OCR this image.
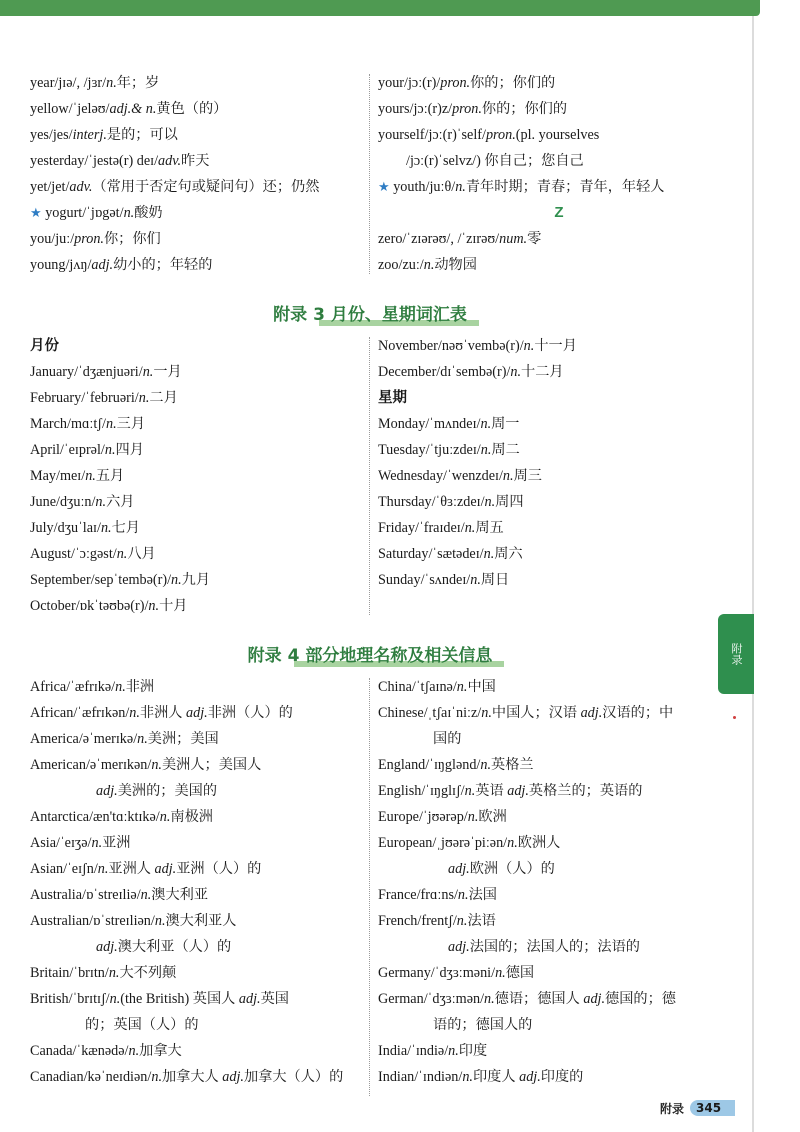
year/jɪə/, /jɜr/n.年；岁
yellow/ˈjeləʊ/adj.& n.黄色（的）
yes/jes/interj.是的；可以
yesterday/ˈjestə(r) deɪ/adv.昨天
yet/jet/adv.（常用于否定句或疑问句）还；仍然
★ yogurt/ˈjɒgət/n.酸奶
you/juː/pron.你；你们
young/jʌŋ/adj.幼小的；年轻的
your/jɔː(r)/pron.你的；你们的
yours/jɔː(r)z/pron.你的；你们的
yourself/jɔː(r)ˈself/pron.(pl. yourselves
/jɔː(r)ˈselvz/) 你自己；您自己
★ youth/juːθ/n.青年时期；青春；青年，年轻人
Z
zero/ˈzɪərəʊ/, /ˈzɪrəʊ/num.零
zoo/zuː/n.动物园
附录 3 月份、星期词汇表
月份
January/ˈdʒænjuəri/n.一月
February/ˈfebruəri/n.二月
March/mɑːtʃ/n.三月
April/ˈeɪprəl/n.四月
May/meɪ/n.五月
June/dʒuːn/n.六月
July/dʒuˈlaɪ/n.七月
August/ˈɔːgəst/n.八月
September/sepˈtembə(r)/n.九月
October/ɒkˈtəʊbə(r)/n.十月
November/nəʊˈvembə(r)/n.十一月
December/dɪˈsembə(r)/n.十二月
星期
Monday/ˈmʌndeɪ/n.周一
Tuesday/ˈtjuːzdeɪ/n.周二
Wednesday/ˈwenzdeɪ/n.周三
Thursday/ˈθɜːzdeɪ/n.周四
Friday/ˈfraɪdeɪ/n.周五
Saturday/ˈsætədeɪ/n.周六
Sunday/ˈsʌndeɪ/n.周日
附录 4 部分地理名称及相关信息
Africa/ˈæfrɪkə/n.非洲
African/ˈæfrɪkən/n.非洲人 adj.非洲（人）的
America/əˈmerɪkə/n.美洲；美国
American/əˈmerɪkən/n.美洲人；美国人
adj.美洲的；美国的
Antarctica/æn'tɑːktɪkə/n.南极洲
Asia/ˈeɪʒə/n.亚洲
Asian/ˈeɪʃn/n.亚洲人 adj.亚洲（人）的
Australia/ɒˈstreɪliə/n.澳大利亚
Australian/ɒˈstreɪliən/n.澳大利亚人
adj.澳大利亚（人）的
Britain/ˈbrɪtn/n.大不列颠
British/ˈbrɪtɪʃ/n.(the British) 英国人 adj.英国
的；英国（人）的
Canada/ˈkænədə/n.加拿大
Canadian/kəˈneɪdiən/n.加拿大人 adj.加拿大（人）的
China/ˈtʃaɪnə/n.中国
Chinese/ˌtʃaɪˈniːz/n.中国人；汉语 adj.汉语的；中
国的
England/ˈɪŋglənd/n.英格兰
English/ˈɪŋglɪʃ/n.英语 adj.英格兰的；英语的
Europe/ˈjʊərəp/n.欧洲
European/ˌjʊərəˈpiːən/n.欧洲人
adj.欧洲（人）的
France/frɑːns/n.法国
French/frentʃ/n.法语
adj.法国的；法国人的；法语的
Germany/ˈdʒɜːməni/n.德国
German/ˈdʒɜːmən/n.德语；德国人 adj.德国的；德
语的；德国人的
India/ˈɪndiə/n.印度
Indian/ˈɪndiən/n.印度人 adj.印度的
附录
附录	345
